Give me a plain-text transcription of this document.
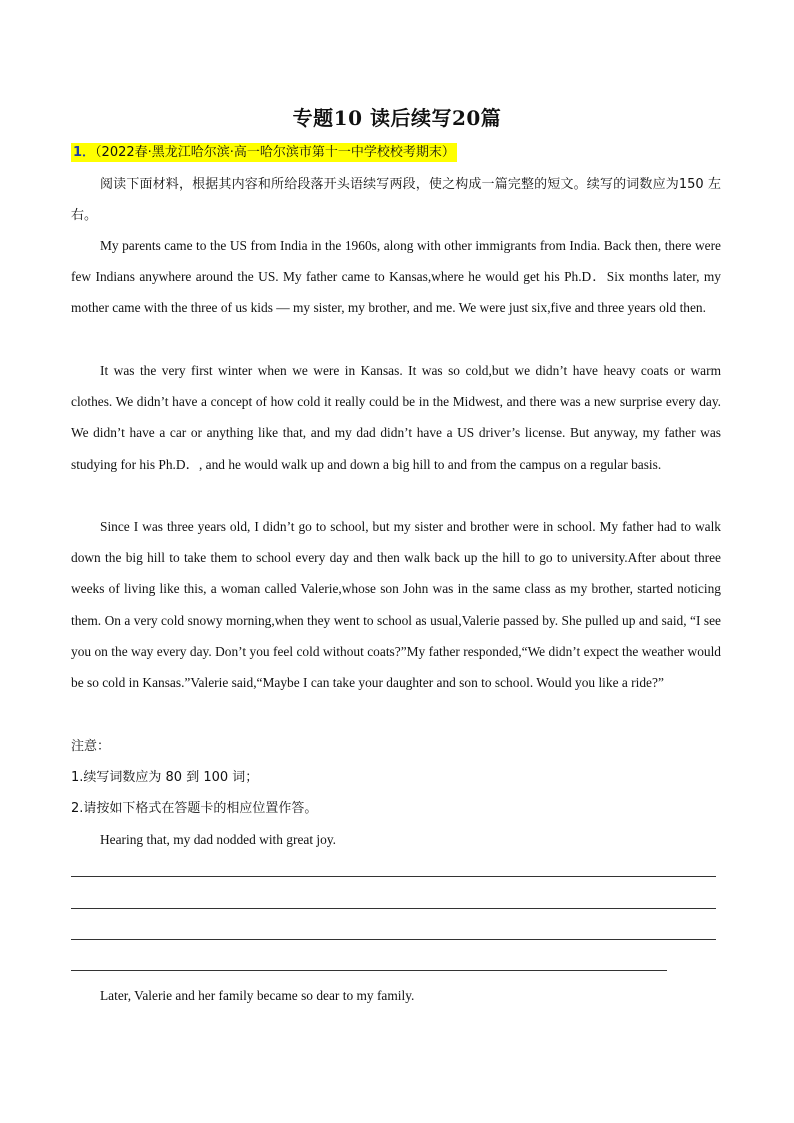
专题10 读后续写20篇
1．（2022春·黑龙江哈尔滨·高一哈尔滨市第十一中学校校考期末）
阅读下面材料，根据其内容和所给段落开头语续写两段，使之构成一篇完整的短文。续写的词数应为150 左右。
My parents came to the US from India in the 1960s, along with other immigrants from India. Back then, there were few Indians anywhere around the US. My father came to Kansas,where he would get his Ph.D．Six months later, my mother came with the three of us kids — my sister, my brother, and me. We were just six,five and three years old then.
It was the very first winter when we were in Kansas. It was so cold,but we didn’t have heavy coats or warm clothes. We didn’t have a concept of how cold it really could be in the Midwest, and there was a new surprise every day. We didn’t have a car or anything like that, and my dad didn’t have a US driver’s license. But anyway, my father was studying for his Ph.D．, and he would walk up and down a big hill to and from the campus on a regular basis.
Since I was three years old, I didn’t go to school, but my sister and brother were in school. My father had to walk down the big hill to take them to school every day and then walk back up the hill to go to university.After about three weeks of living like this, a woman called Valerie,whose son John was in the same class as my brother, started noticing them. On a very cold snowy morning,when they went to school as usual,Valerie passed by. She pulled up and said, “I see you on the way every day. Don’t you feel cold without coats?”My father responded,“We didn’t expect the weather would be so cold in Kansas.”Valerie said,“Maybe I can take your daughter and son to school. Would you like a ride?”
注意：
1.续写词数应为 80 到 100 词；
2.请按如下格式在答题卡的相应位置作答。
Hearing that, my dad nodded with great joy.
Later, Valerie and her family became so dear to my family.
